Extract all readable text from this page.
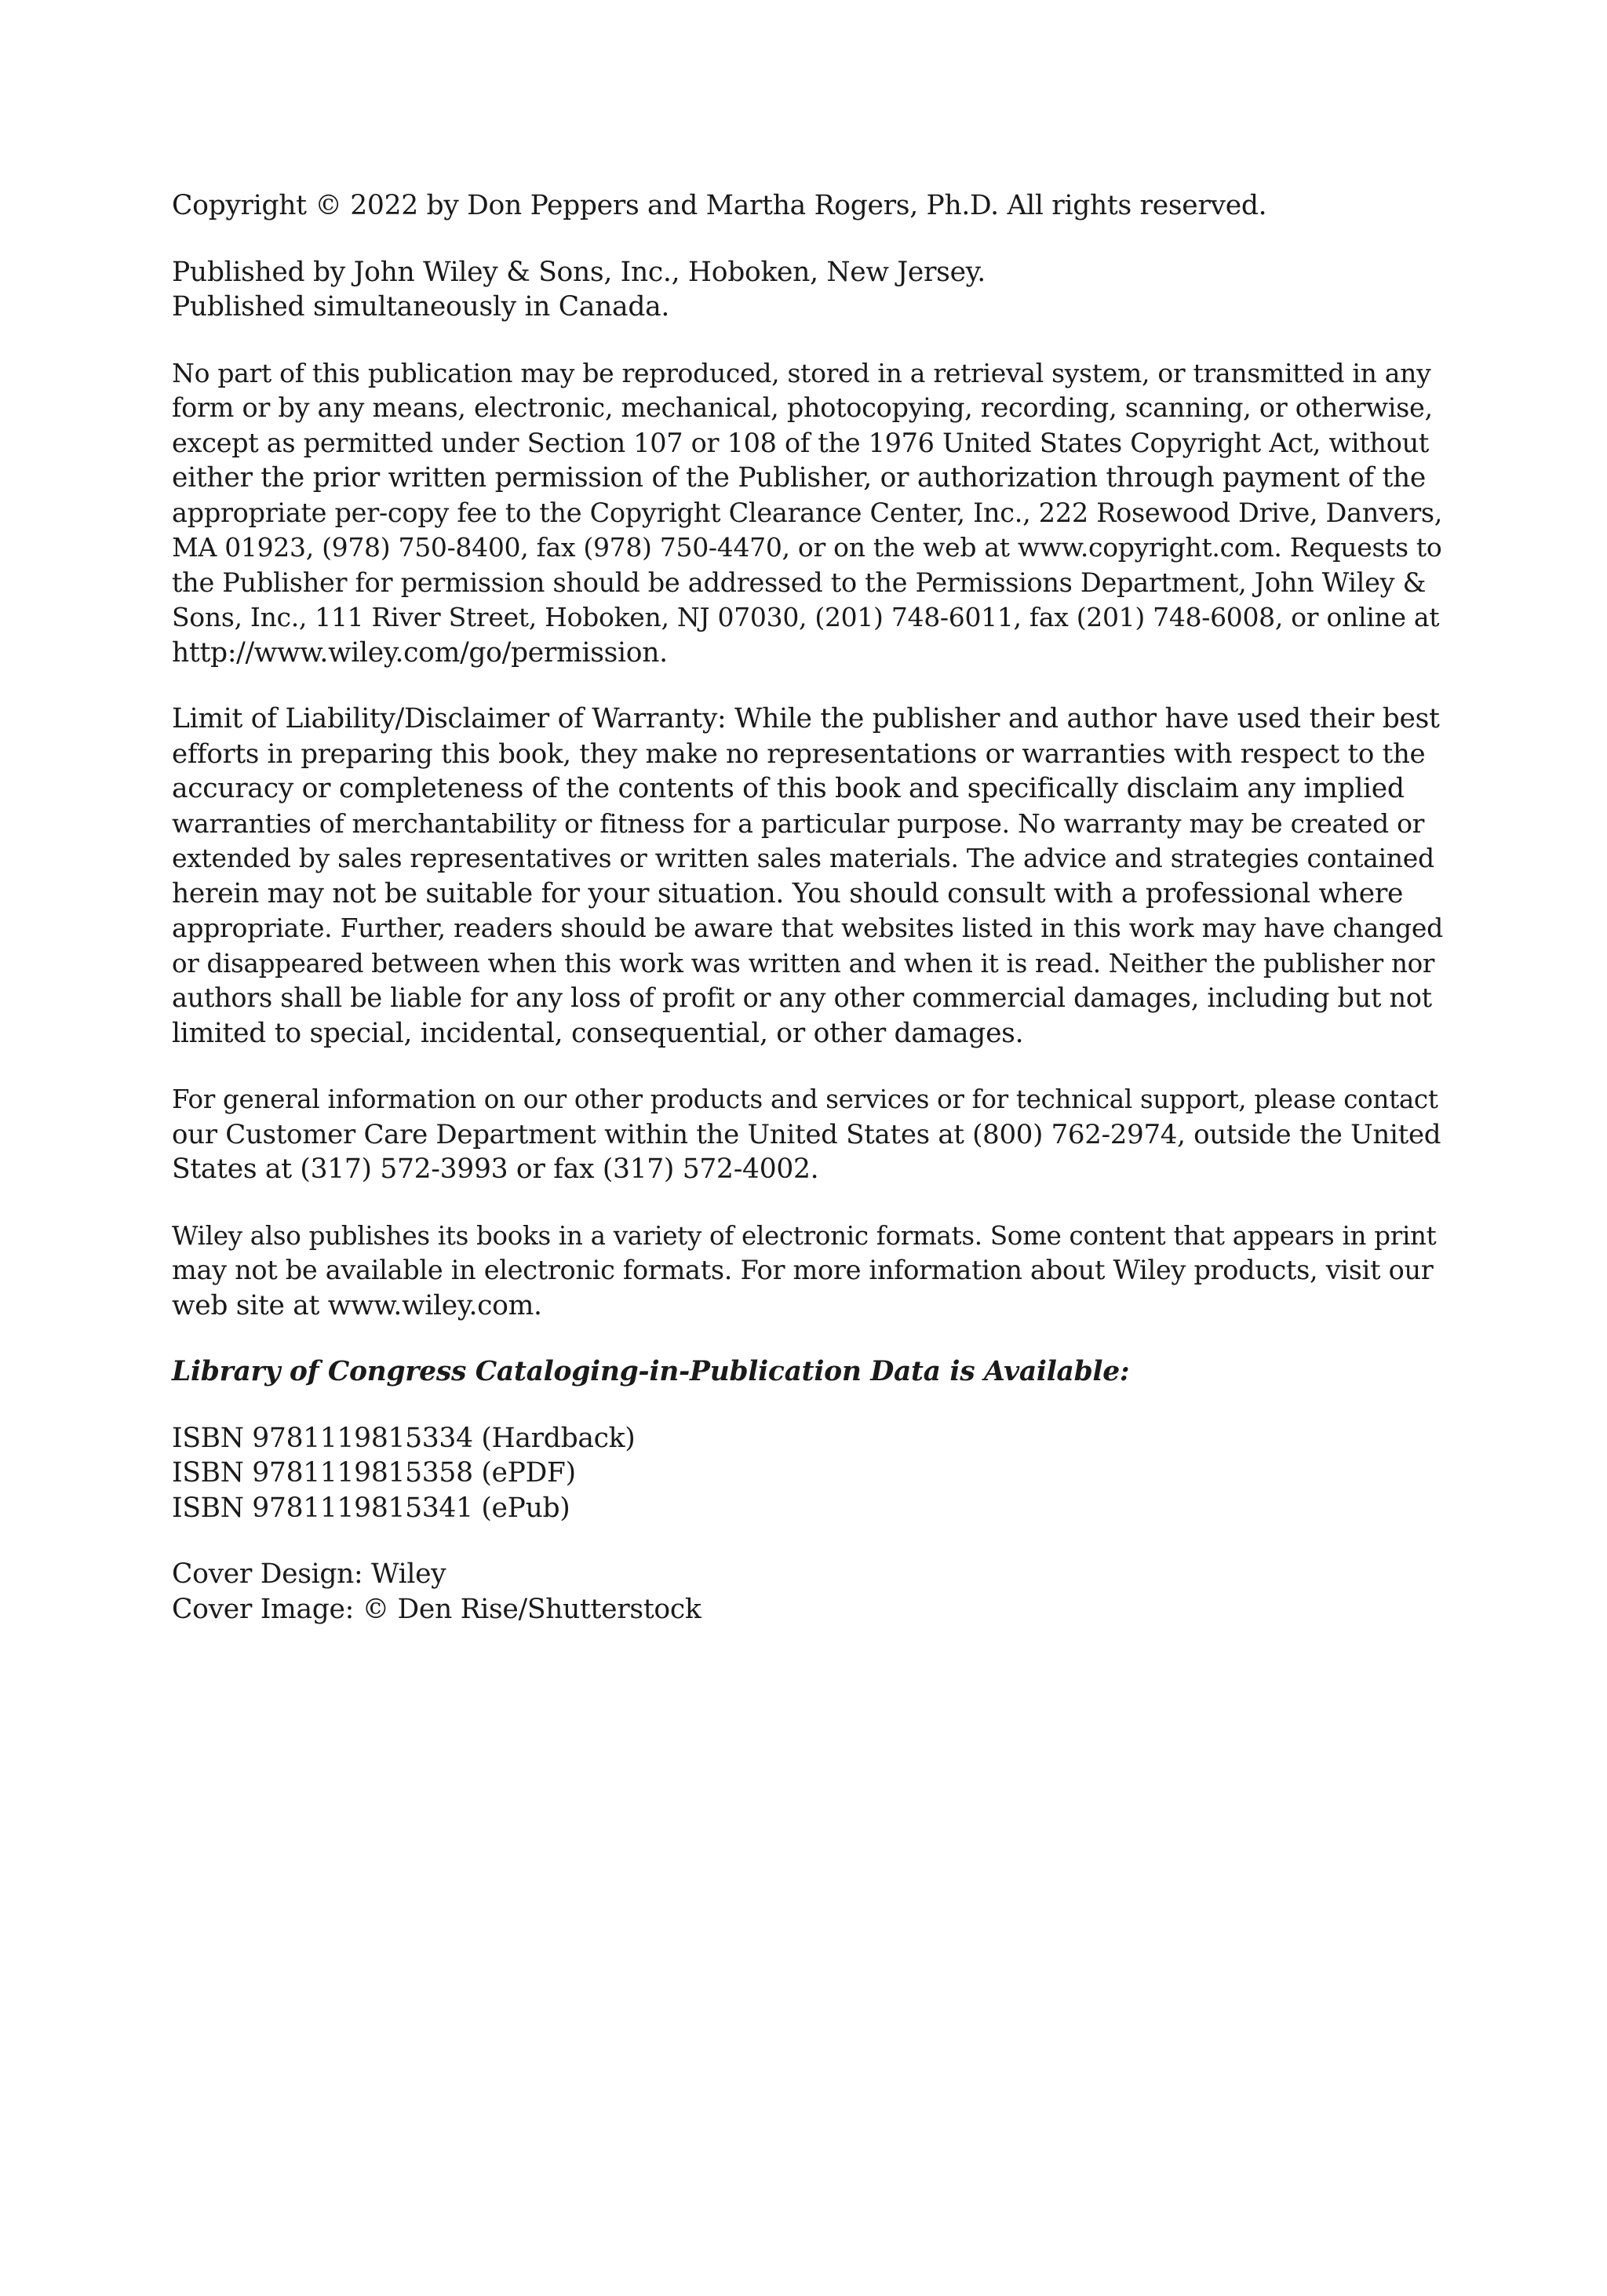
Copyright © 2022 by Don Peppers and Martha Rogers, Ph.D. All rights reserved.

Published by John Wiley & Sons, Inc., Hoboken, New Jersey.
Published simultaneously in Canada.

No part of this publication may be reproduced, stored in a retrieval system, or transmitted in any
form or by any means, electronic, mechanical, photocopying, recording, scanning, or otherwise,
except as permitted under Section 107 or 108 of the 1976 United States Copyright Act, without
either the prior written permission of the Publisher, or authorization through payment of the
appropriate per-copy fee to the Copyright Clearance Center, Inc., 222 Rosewood Drive, Danvers,
MA 01923, (978) 750-8400, fax (978) 750-4470, or on the web at www.copyright.com. Requests to
the Publisher for permission should be addressed to the Permissions Department, John Wiley &
Sons, Inc., 111 River Street, Hoboken, NJ 07030, (201) 748-6011, fax (201) 748-6008, or online at
http://www.wiley.com/go/permission.

Limit of Liability/Disclaimer of Warranty: While the publisher and author have used their best
efforts in preparing this book, they make no representations or warranties with respect to the
accuracy or completeness of the contents of this book and specifically disclaim any implied
warranties of merchantability or fitness for a particular purpose. No warranty may be created or
extended by sales representatives or written sales materials. The advice and strategies contained
herein may not be suitable for your situation. You should consult with a professional where
appropriate. Further, readers should be aware that websites listed in this work may have changed
or disappeared between when this work was written and when it is read. Neither the publisher nor
authors shall be liable for any loss of profit or any other commercial damages, including but not
limited to special, incidental, consequential, or other damages.

For general information on our other products and services or for technical support, please contact
our Customer Care Department within the United States at (800) 762-2974, outside the United
States at (317) 572-3993 or fax (317) 572-4002.

Wiley also publishes its books in a variety of electronic formats. Some content that appears in print
may not be available in electronic formats. For more information about Wiley products, visit our
web site at www.wiley.com.

Library of Congress Cataloging-in-Publication Data is Available:

ISBN 9781119815334 (Hardback)
ISBN 9781119815358 (ePDF)
ISBN 9781119815341 (ePub)

Cover Design: Wiley
Cover Image: © Den Rise/Shutterstock
